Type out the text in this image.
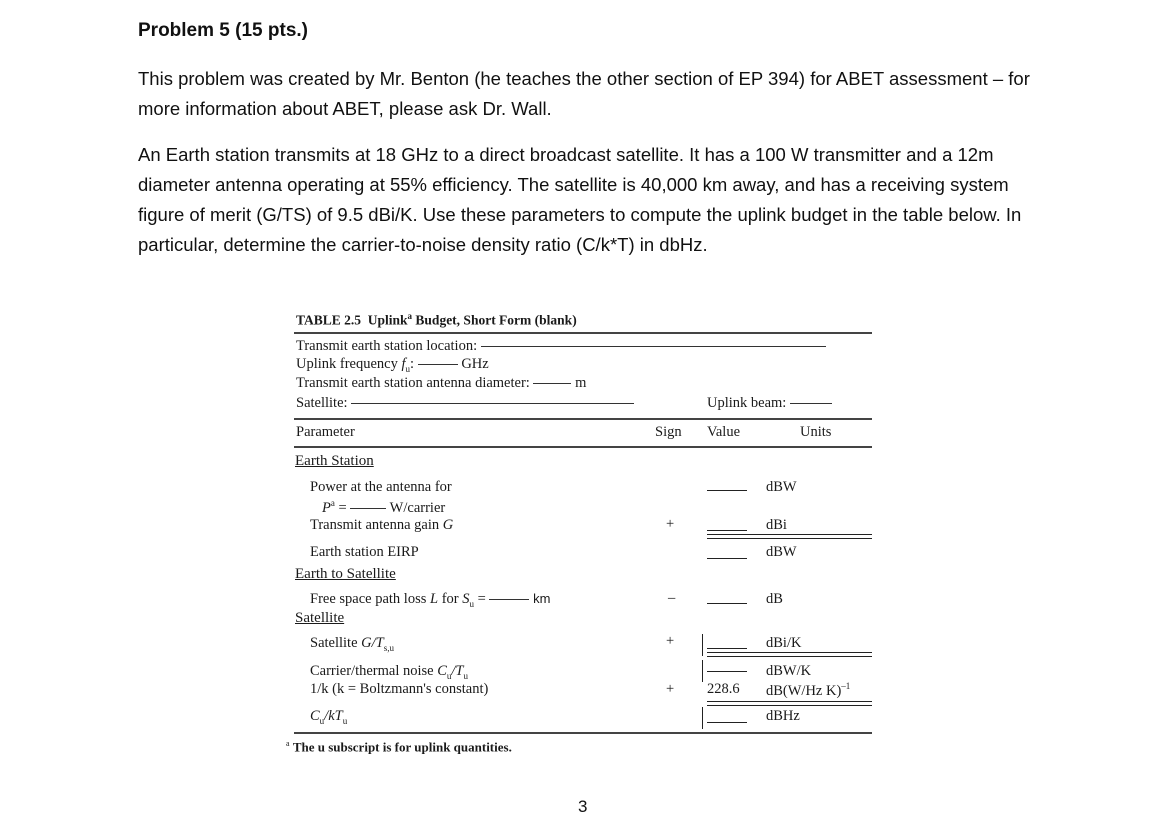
Problem 5 (15 pts.)
This problem was created by Mr. Benton (he teaches the other section of EP 394) for ABET assessment – for more information about ABET, please ask Dr. Wall.
An Earth station transmits at 18 GHz to a direct broadcast satellite. It has a 100 W transmitter and a 12m diameter antenna operating at 55% efficiency. The satellite is 40,000 km away, and has a receiving system figure of merit (G/TS) of 9.5 dBi/K. Use these parameters to compute the uplink budget in the table below. In particular, determine the carrier-to-noise density ratio (C/k*T) in dbHz.
TABLE 2.5 Uplink$^a$ Budget, Short Form (blank)
Transmit earth station location:
Uplink frequency $f_u$:	GHz
Transmit earth station antenna diameter:	m
Satellite:	Uplink beam:
Parameter	Sign Value	Units
Earth Station
Power at the antenna for	dBW
$P^a$ =	W/carrier
Transmit antenna gain G	+	dBi
Earth station EIRP	dBW
Earth to Satellite
Free space path loss L for $S_u$ =	km	–	dB
Satellite
Satellite $G/T_{s,u}$	+	dBi/K
Carrier/thermal noise $C_u/T_u$	dBW/K
1/k (k = Boltzmann's constant)	+ 228.6 dB(W/Hz K)$^{-1}$
$C_u/kT_u$	dBHz
$^a$ The u subscript is for uplink quantities.
3
